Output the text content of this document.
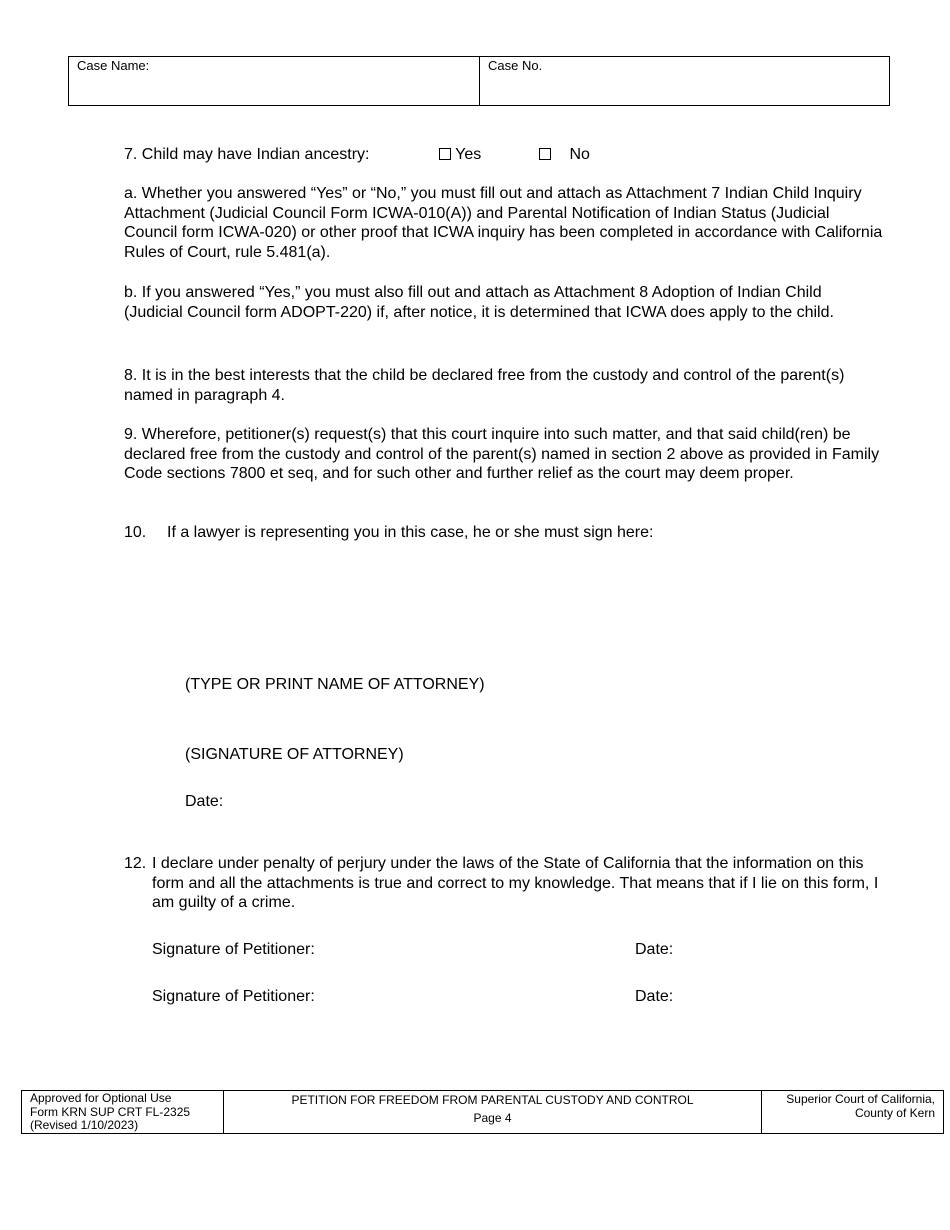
Case Name:	Case No.
7. Child may have Indian ancestry:	Yes	No
a. Whether you answered “Yes” or “No,” you must fill out and attach as Attachment 7 Indian Child Inquiry Attachment (Judicial Council Form ICWA-010(A)) and Parental Notification of Indian Status (Judicial Council form ICWA-020) or other proof that ICWA inquiry has been completed in accordance with California Rules of Court, rule 5.481(a).
b. If you answered “Yes,” you must also fill out and attach as Attachment 8 Adoption of Indian Child (Judicial Council form ADOPT-220) if, after notice, it is determined that ICWA does apply to the child.
8. It is in the best interests that the child be declared free from the custody and control of the parent(s) named in paragraph 4.
9. Wherefore, petitioner(s) request(s) that this court inquire into such matter, and that said child(ren) be declared free from the custody and control of the parent(s) named in section 2 above as provided in Family Code sections 7800 et seq, and for such other and further relief as the court may deem proper.
10. If a lawyer is representing you in this case, he or she must sign here:
(TYPE OR PRINT NAME OF ATTORNEY)
(SIGNATURE OF ATTORNEY)
Date:
12. I declare under penalty of perjury under the laws of the State of California that the information on this form and all the attachments is true and correct to my knowledge. That means that if I lie on this form, I am guilty of a crime.
Signature of Petitioner:	Date:
Signature of Petitioner:	Date:
Approved for Optional Use
Form KRN SUP CRT FL-2325
(Revised 1/10/2023)
PETITION FOR FREEDOM FROM PARENTAL CUSTODY AND CONTROL
Page 4
Superior Court of California,
County of Kern
